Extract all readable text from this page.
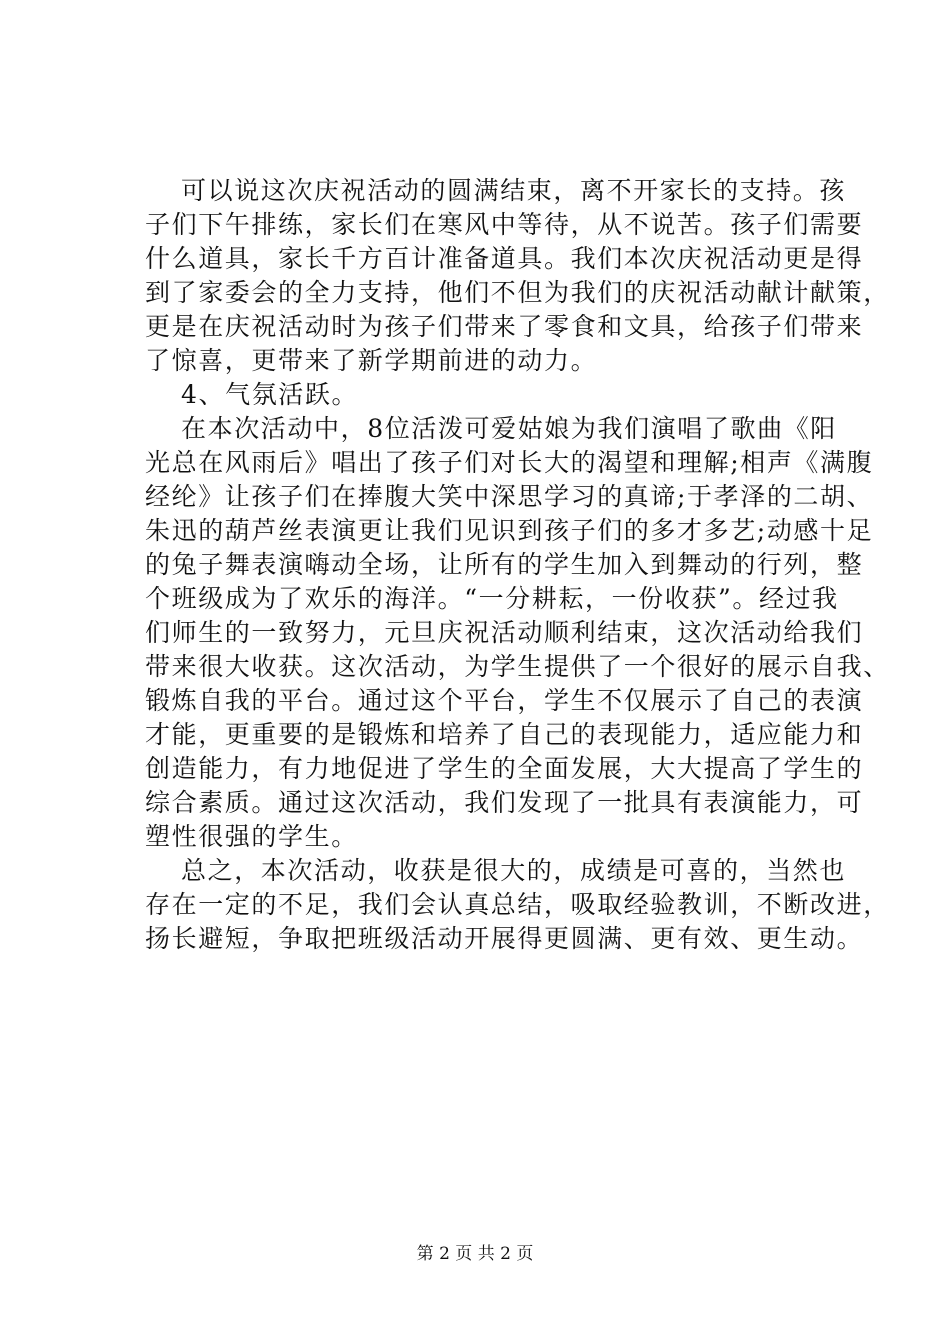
可以说这次庆祝活动的圆满结束，离不开家长的支持。孩
子们下午排练，家长们在寒风中等待，从不说苦。孩子们需要
什么道具，家长千方百计准备道具。我们本次庆祝活动更是得
到了家委会的全力支持，他们不但为我们的庆祝活动献计献策，
更是在庆祝活动时为孩子们带来了零食和文具，给孩子们带来
了惊喜，更带来了新学期前进的动力。
4、气氛活跃。
在本次活动中，8位活泼可爱姑娘为我们演唱了歌曲《阳
光总在风雨后》唱出了孩子们对长大的渴望和理解;相声《满腹
经纶》让孩子们在捧腹大笑中深思学习的真谛;于孝泽的二胡、
朱迅的葫芦丝表演更让我们见识到孩子们的多才多艺;动感十足
的兔子舞表演嗨动全场，让所有的学生加入到舞动的行列，整
个班级成为了欢乐的海洋。“一分耕耘，一份收获”。经过我
们师生的一致努力，元旦庆祝活动顺利结束，这次活动给我们
带来很大收获。这次活动，为学生提供了一个很好的展示自我、
锻炼自我的平台。通过这个平台，学生不仅展示了自己的表演
才能，更重要的是锻炼和培养了自己的表现能力，适应能力和
创造能力，有力地促进了学生的全面发展，大大提高了学生的
综合素质。通过这次活动，我们发现了一批具有表演能力，可
塑性很强的学生。
总之，本次活动，收获是很大的，成绩是可喜的，当然也
存在一定的不足，我们会认真总结，吸取经验教训，不断改进，
扬长避短，争取把班级活动开展得更圆满、更有效、更生动。
第 2 页 共 2 页
